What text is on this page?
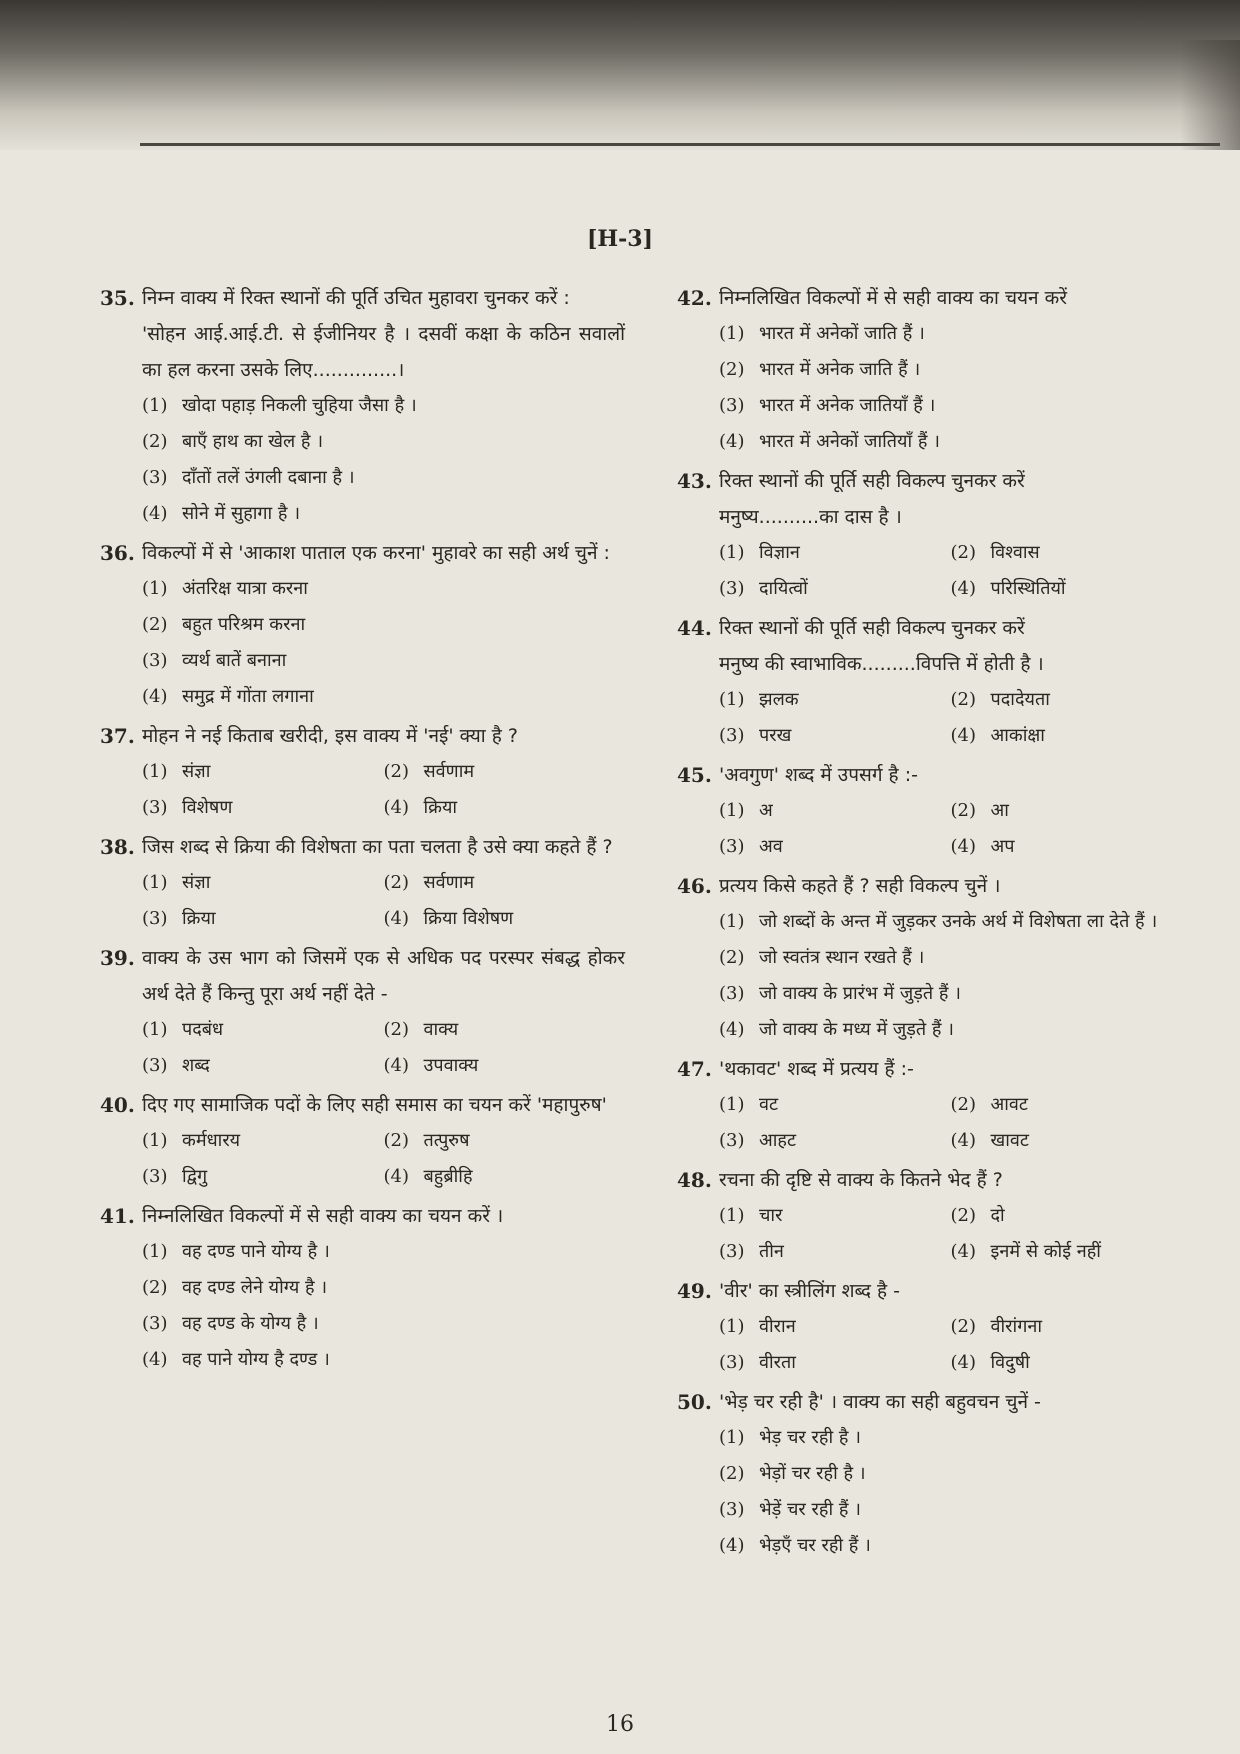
[H-3]
35. निम्न वाक्य में रिक्त स्थानों की पूर्ति उचित मुहावरा चुनकर करें :
'सोहन आई.आई.टी. से ईजीनियर है । दसवीं कक्षा के कठिन सवालों का हल करना उसके लिए..............।
(1) खोदा पहाड़ निकली चुहिया जैसा है ।
(2) बाएँ हाथ का खेल है ।
(3) दाँतों तलें उंगली दबाना है ।
(4) सोने में सुहागा है ।
36. विकल्पों में से 'आकाश पाताल एक करना' मुहावरे का सही अर्थ चुनें :
(1) अंतरिक्ष यात्रा करना
(2) बहुत परिश्रम करना
(3) व्यर्थ बातें बनाना
(4) समुद्र में गोंता लगाना
37. मोहन ने नई किताब खरीदी, इस वाक्य में 'नई' क्या है ?
(1) संज्ञा	(2) सर्वणाम
(3) विशेषण	(4) क्रिया
38. जिस शब्द से क्रिया की विशेषता का पता चलता है उसे क्या कहते हैं ?
(1) संज्ञा	(2) सर्वणाम
(3) क्रिया	(4) क्रिया विशेषण
39. वाक्य के उस भाग को जिसमें एक से अधिक पद परस्पर संबद्ध होकर अर्थ देते हैं किन्तु पूरा अर्थ नहीं देते -
(1) पदबंध	(2) वाक्य
(3) शब्द	(4) उपवाक्य
40. दिए गए सामाजिक पदों के लिए सही समास का चयन करें 'महापुरुष'
(1) कर्मधारय	(2) तत्पुरुष
(3) द्विगु	(4) बहुब्रीहि
41. निम्नलिखित विकल्पों में से सही वाक्य का चयन करें ।
(1) वह दण्ड पाने योग्य है ।
(2) वह दण्ड लेने योग्य है ।
(3) वह दण्ड के योग्य है ।
(4) वह पाने योग्य है दण्ड ।
42. निम्नलिखित विकल्पों में से सही वाक्य का चयन करें
(1) भारत में अनेकों जाति हैं ।
(2) भारत में अनेक जाति हैं ।
(3) भारत में अनेक जातियाँ हैं ।
(4) भारत में अनेकों जातियाँ हैं ।
43. रिक्त स्थानों की पूर्ति सही विकल्प चुनकर करें
मनुष्य..........का दास है ।
(1) विज्ञान	(2) विश्वास
(3) दायित्वों	(4) परिस्थितियों
44. रिक्त स्थानों की पूर्ति सही विकल्प चुनकर करें
मनुष्य की स्वाभाविक.........विपत्ति में होती है ।
(1) झलक	(2) पदादेयता
(3) परख	(4) आकांक्षा
45. 'अवगुण' शब्द में उपसर्ग है :-
(1) अ	(2) आ
(3) अव	(4) अप
46. प्रत्यय किसे कहते हैं ? सही विकल्प चुनें ।
(1) जो शब्दों के अन्त में जुड़कर उनके अर्थ में विशेषता ला देते हैं ।
(2) जो स्वतंत्र स्थान रखते हैं ।
(3) जो वाक्य के प्रारंभ में जुड़ते हैं ।
(4) जो वाक्य के मध्य में जुड़ते हैं ।
47. 'थकावट' शब्द में प्रत्यय हैं :-
(1) वट	(2) आवट
(3) आहट	(4) खावट
48. रचना की दृष्टि से वाक्य के कितने भेद हैं ?
(1) चार	(2) दो
(3) तीन	(4) इनमें से कोई नहीं
49. 'वीर' का स्त्रीलिंग शब्द है -
(1) वीरान	(2) वीरांगना
(3) वीरता	(4) विदुषी
50. 'भेड़ चर रही है' । वाक्य का सही बहुवचन चुनें -
(1) भेड़ चर रही है ।
(2) भेड़ों चर रही है ।
(3) भेड़ें चर रही हैं ।
(4) भेड़एँ चर रही हैं ।
16
